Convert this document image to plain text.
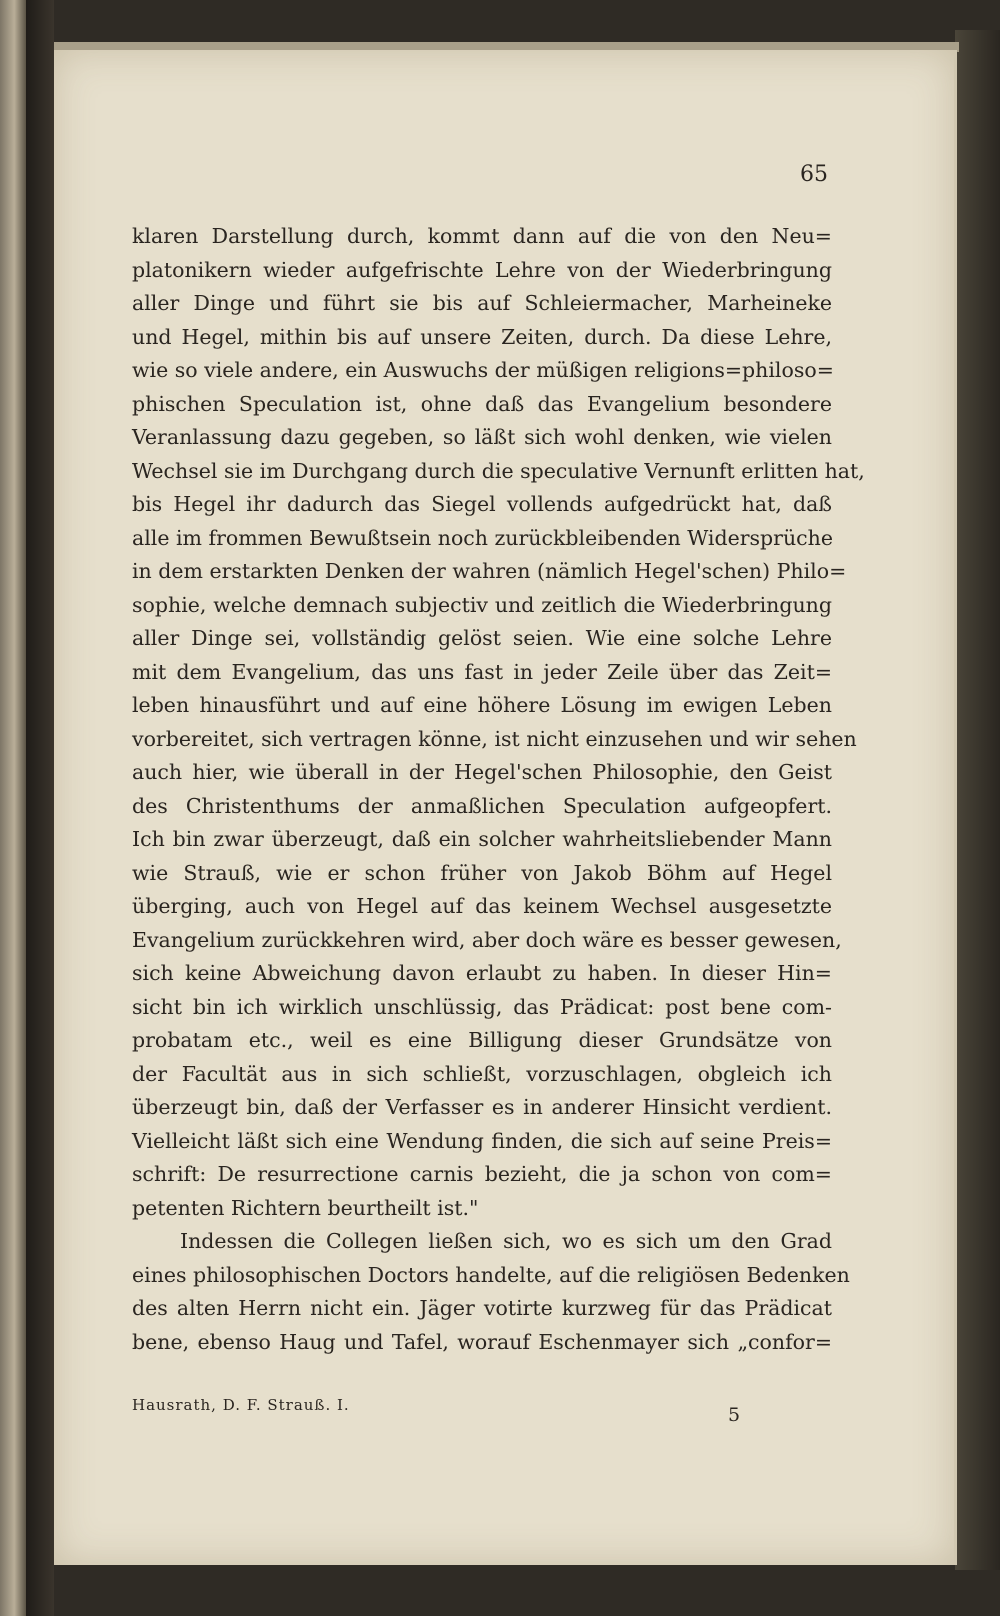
65
klaren Darstellung durch, kommt dann auf die von den Neu=
platonikern wieder aufgefrischte Lehre von der Wiederbringung
aller Dinge und führt sie bis auf Schleiermacher, Marheineke
und Hegel, mithin bis auf unsere Zeiten, durch. Da diese Lehre,
wie so viele andere, ein Auswuchs der müßigen religions=philoso=
phischen Speculation ist, ohne daß das Evangelium besondere
Veranlassung dazu gegeben, so läßt sich wohl denken, wie vielen
Wechsel sie im Durchgang durch die speculative Vernunft erlitten hat,
bis Hegel ihr dadurch das Siegel vollends aufgedrückt hat, daß
alle im frommen Bewußtsein noch zurückbleibenden Widersprüche
in dem erstarkten Denken der wahren (nämlich Hegel'schen) Philo=
sophie, welche demnach subjectiv und zeitlich die Wiederbringung
aller Dinge sei, vollständig gelöst seien. Wie eine solche Lehre
mit dem Evangelium, das uns fast in jeder Zeile über das Zeit=
leben hinausführt und auf eine höhere Lösung im ewigen Leben
vorbereitet, sich vertragen könne, ist nicht einzusehen und wir sehen
auch hier, wie überall in der Hegel'schen Philosophie, den Geist
des Christenthums der anmaßlichen Speculation aufgeopfert.
Ich bin zwar überzeugt, daß ein solcher wahrheitsliebender Mann
wie Strauß, wie er schon früher von Jakob Böhm auf Hegel
überging, auch von Hegel auf das keinem Wechsel ausgesetzte
Evangelium zurückkehren wird, aber doch wäre es besser gewesen,
sich keine Abweichung davon erlaubt zu haben. In dieser Hin=
sicht bin ich wirklich unschlüssig, das Prädicat: post bene com-
probatam etc., weil es eine Billigung dieser Grundsätze von
der Facultät aus in sich schließt, vorzuschlagen, obgleich ich
überzeugt bin, daß der Verfasser es in anderer Hinsicht verdient.
Vielleicht läßt sich eine Wendung finden, die sich auf seine Preis=
schrift: De resurrectione carnis bezieht, die ja schon von com=
petenten Richtern beurtheilt ist."
Indessen die Collegen ließen sich, wo es sich um den Grad
eines philosophischen Doctors handelte, auf die religiösen Bedenken
des alten Herrn nicht ein. Jäger votirte kurzweg für das Prädicat
bene, ebenso Haug und Tafel, worauf Eschenmayer sich „confor=
Hausrath, D. F. Strauß. I.	5
